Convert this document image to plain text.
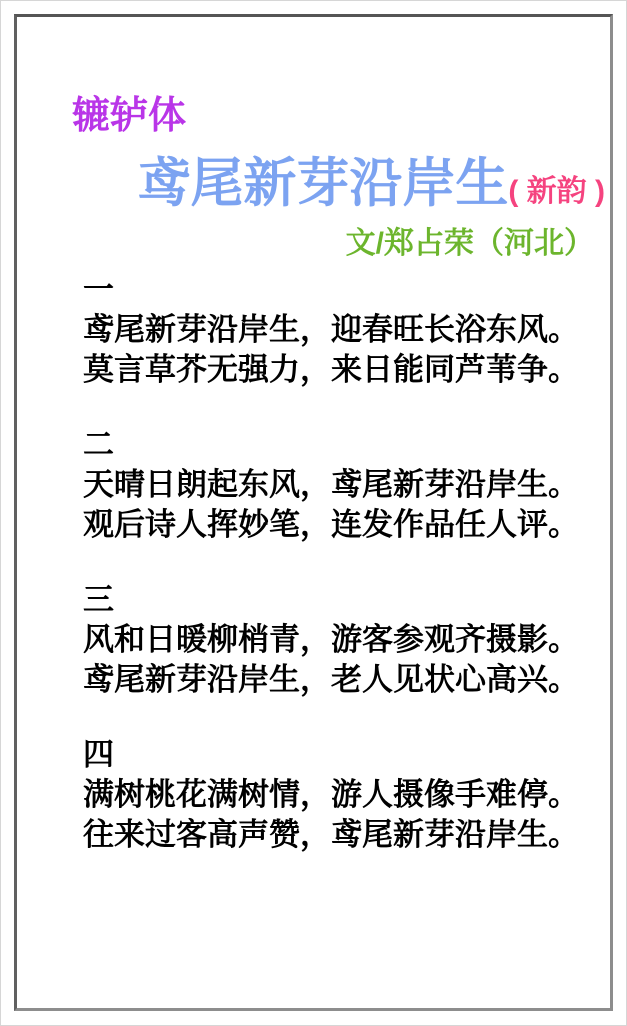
辘轳体
鸢尾新芽沿岸生( 新韵 )
文/郑占荣（河北）
一
鸢尾新芽沿岸生，迎春旺长浴东风。
莫言草芥无强力，来日能同芦苇争。
二
天晴日朗起东风，鸢尾新芽沿岸生。
观后诗人挥妙笔，连发作品任人评。
三
风和日暖柳梢青，游客参观齐摄影。
鸢尾新芽沿岸生，老人见状心高兴。
四
满树桃花满树情，游人摄像手难停。
往来过客高声赞，鸢尾新芽沿岸生。
